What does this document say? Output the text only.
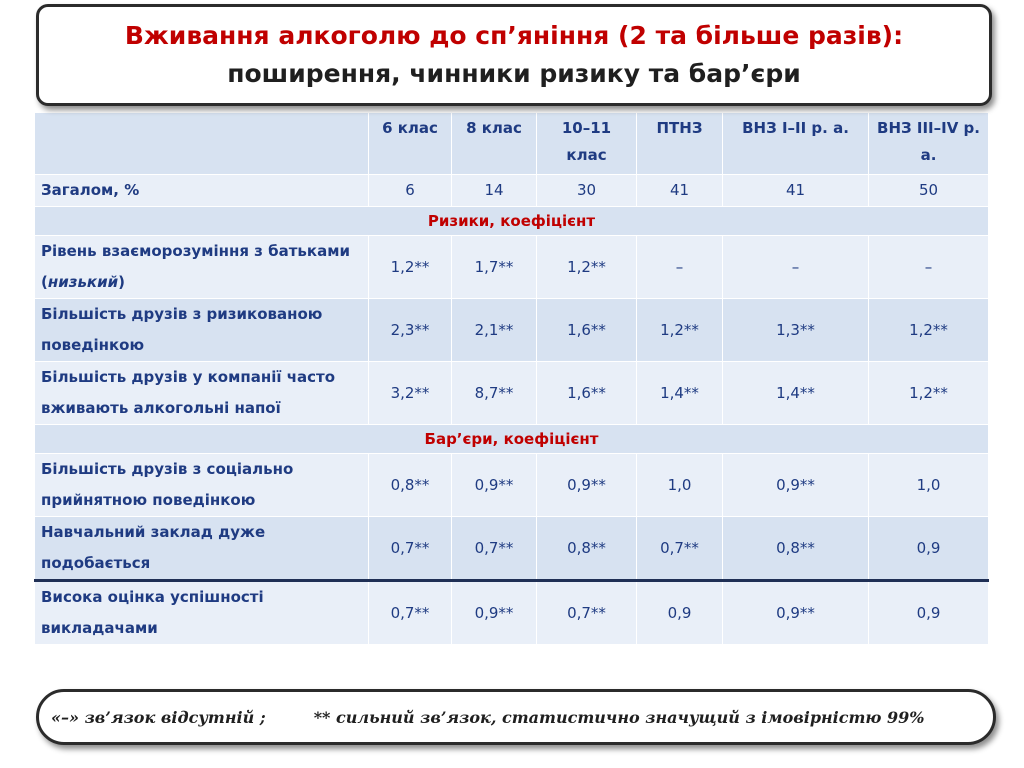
Вживання алкоголю до сп’яніння (2 та більше разів):
поширення, чинники ризику та бар’єри
	6 клас	8 клас	10–11 клас	ПТНЗ	ВНЗ І–ІІ р. а.	ВНЗ ІІІ–ІV р. а.
Загалом, %	6	14	30	41	41	50
Ризики, коефіцієнт						
Рівень взаєморозуміння з батьками (низький)	1,2**	1,7**	1,2**	–	–	–
Більшість друзів з ризикованою поведінкою	2,3**	2,1**	1,6**	1,2**	1,3**	1,2**
Більшість друзів у компанії часто вживають алкогольні напої	3,2**	8,7**	1,6**	1,4**	1,4**	1,2**
Бар’єри, коефіцієнт						
Більшість друзів з соціально прийнятною поведінкою	0,8**	0,9**	0,9**	1,0	0,9**	1,0
Навчальний заклад дуже подобається	0,7**	0,7**	0,8**	0,7**	0,8**	0,9
Висока оцінка успішності викладачами	0,7**	0,9**	0,7**	0,9	0,9**	0,9
«–» зв’язок відсутній ;	** сильний зв’язок, статистично значущий з імовірністю 99%
